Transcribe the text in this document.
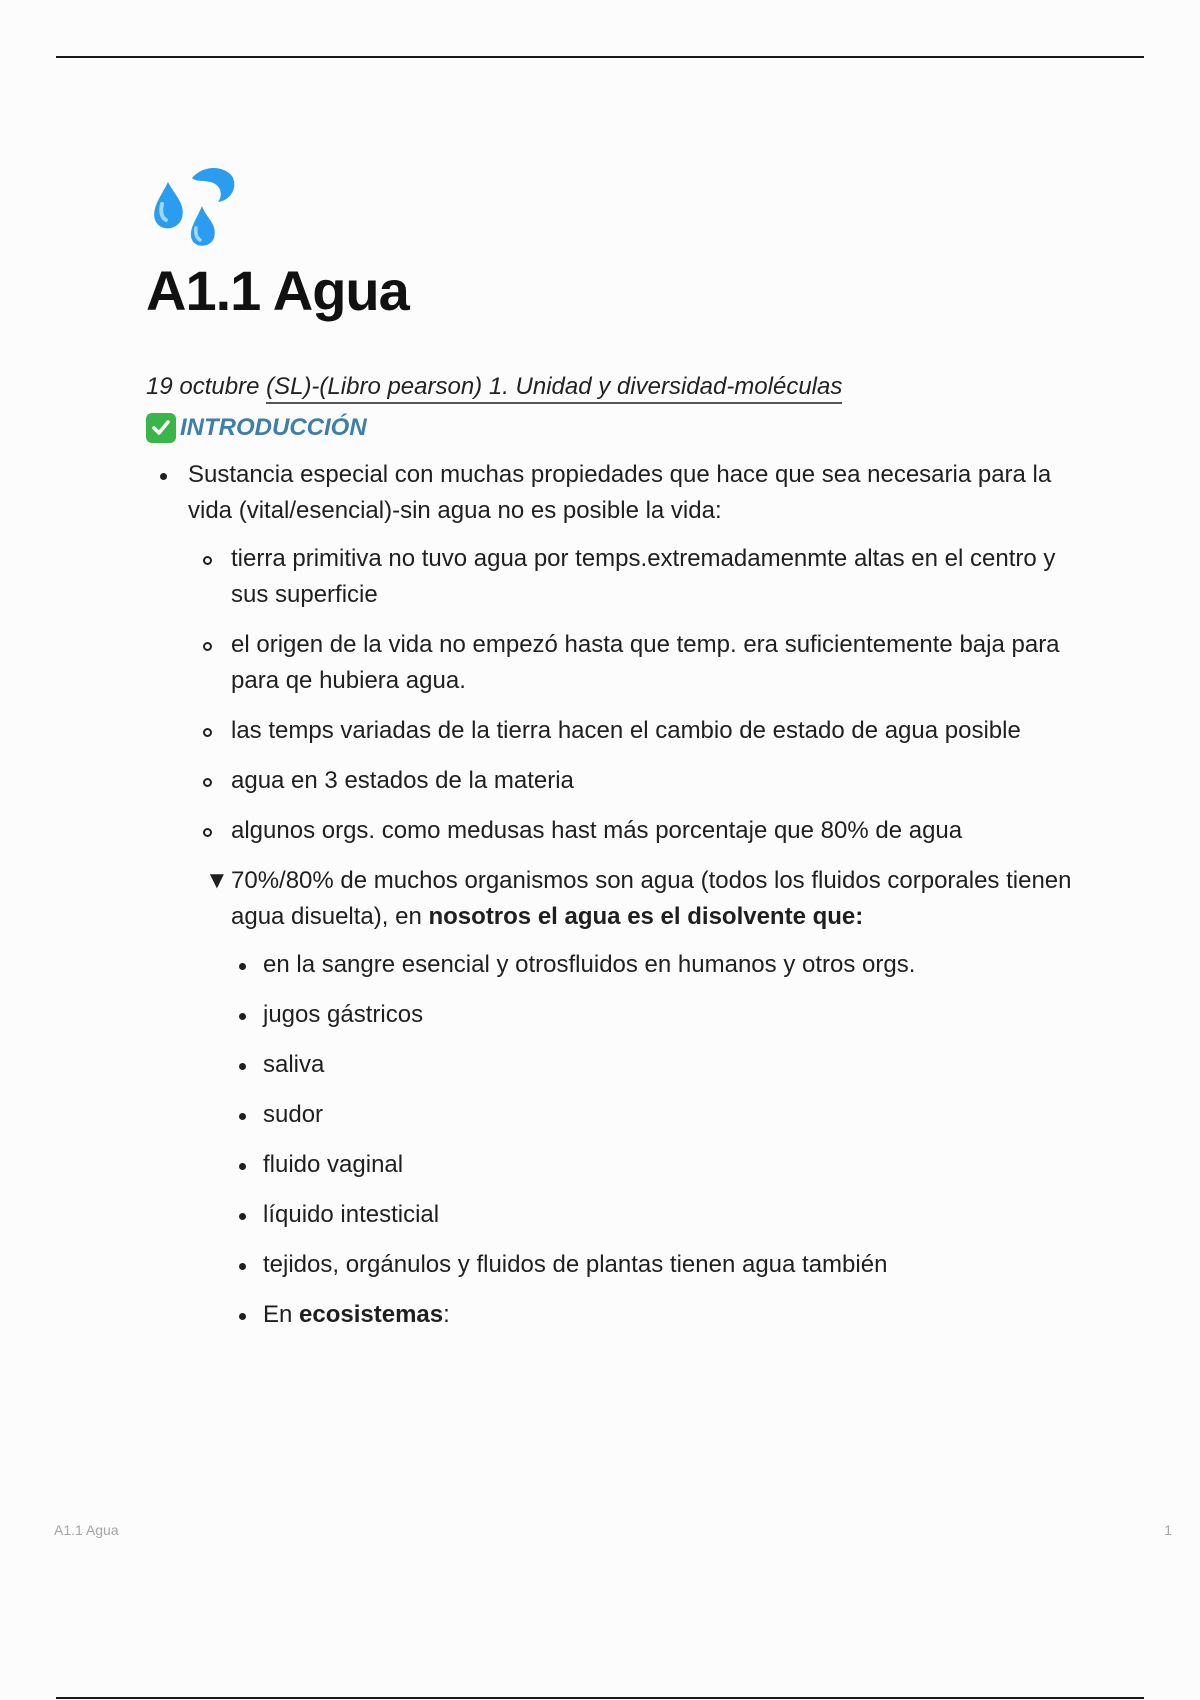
A1.1 Agua
19 octubre (SL)-(Libro pearson) 1. Unidad y diversidad-moléculas
INTRODUCCIÓN
Sustancia especial con muchas propiedades que hace que sea necesaria para la vida (vital/esencial)-sin agua no es posible la vida:
tierra primitiva no tuvo agua por temps.extremadamenmte altas en el centro y sus superficie
el origen de la vida no empezó hasta que temp. era suficientemente baja para para qe hubiera agua.
las temps variadas de la tierra hacen el cambio de estado de agua posible
agua en 3 estados de la materia
algunos orgs. como medusas hast más porcentaje que 80% de agua
▼ 70%/80% de muchos organismos son agua (todos los fluidos corporales tienen agua disuelta), en nosotros el agua es el disolvente que:
en la sangre esencial y otrosfluidos en humanos y otros orgs.
jugos gástricos
saliva
sudor
fluido vaginal
líquido intesticial
tejidos, orgánulos y fluidos de plantas tienen agua también
En ecosistemas:
A1.1 Agua	1
